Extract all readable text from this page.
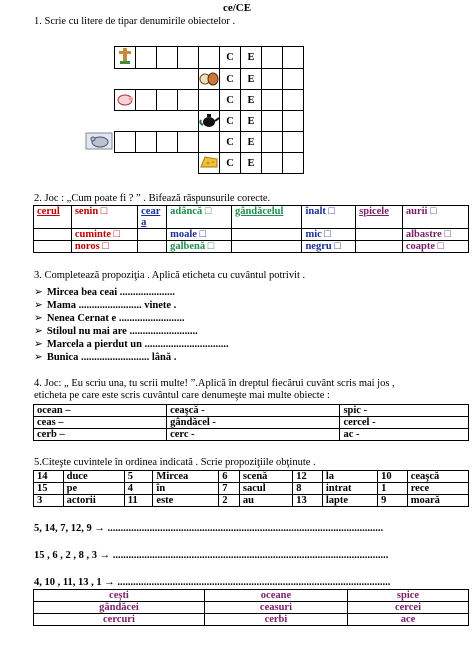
ce/CE
1. Scrie cu litere de tipar denumirile obiectelor .
						C	E		
						C	E		
						C	E		
						C	E		
						C	E		
						C	E		
2. Joc : „Cum poate fi ? ” . Bifează răspunsurile corecte.
cerul	senin □	cear a	adâncă □	gândăcelul	înalt □	spicele	aurii □
	cuminte □		moale □		mic □		albastre □
	noros □		galbenă □		negru □		coapte □
3. Completează propoziţia . Aplică eticheta cu cuvântul potrivit .
➢ Mircea bea ceai .....................
➢ Mama ........................ vinete .
➢ Nenea Cernat e .........................
➢ Stiloul nu mai are ..........................
➢ Marcela a pierdut un ................................
➢ Bunica .......................... lână .
4. Joc: „ Eu scriu una, tu scrii multe! ”.Aplică în dreptul fiecărui cuvânt scris mai jos ,
eticheta pe care este scris cuvântul care denumeşte mai multe obiecte :
ocean –	ceaşcă -	spic -
ceas –	gândăcel -	cercel -
cerb –	cerc -	ac -
5.Citeşte cuvintele în ordinea indicată . Scrie propoziţiile obţinute .
14	duce	5	Mircea	6	scenă	12	la	10	ceaşcă
15	pe	4	în	7	sacul	8	intrat	1	rece
3	actorii	11	este	2	au	13	lapte	9	moară
5, 14, 7, 12, 9 → .........................................................................................................
15 , 6 , 2 , 8 , 3 → .........................................................................................................
4, 10 , 11, 13 , 1 → ........................................................................................................
cești	oceane	spice
gândăcei	ceasuri	cercei
cercuri	cerbi	ace
